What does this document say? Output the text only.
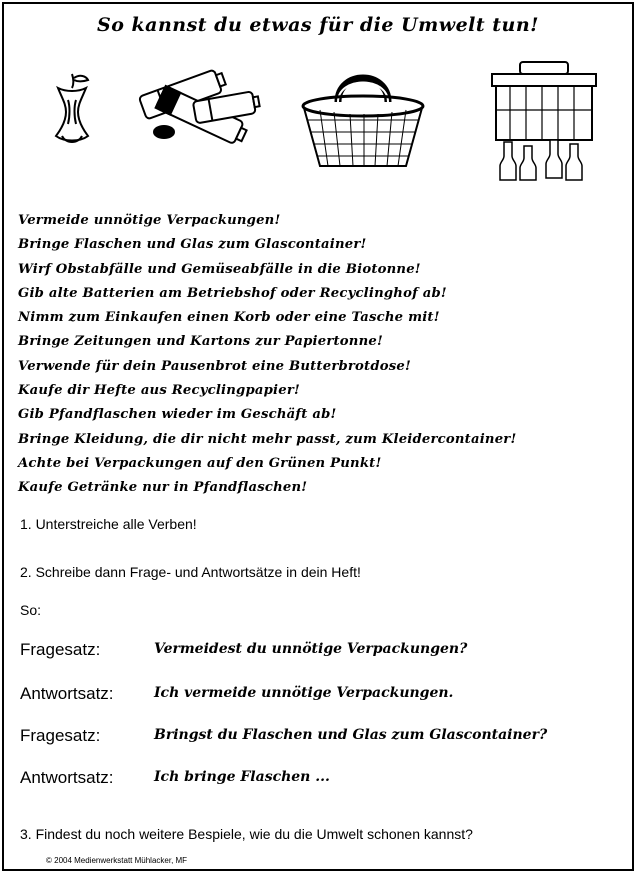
So kannst du etwas für die Umwelt tun!
Vermeide unnötige Verpackungen!
Bringe Flaschen und Glas zum Glascontainer!
Wirf Obstabfälle und Gemüseabfälle in die Biotonne!
Gib alte Batterien am Betriebshof oder Recyclinghof ab!
Nimm zum Einkaufen einen Korb oder eine Tasche mit!
Bringe Zeitungen und Kartons zur Papiertonne!
Verwende für dein Pausenbrot eine Butterbrotdose!
Kaufe dir Hefte aus Recyclingpapier!
Gib Pfandflaschen wieder im Geschäft ab!
Bringe Kleidung, die dir nicht mehr passt, zum Kleidercontainer!
Achte bei Verpackungen auf den Grünen Punkt!
Kaufe Getränke nur in Pfandflaschen!
1. Unterstreiche alle Verben!
2. Schreibe dann Frage- und Antwortsätze in dein Heft!
So:
Fragesatz:	Vermeidest du unnötige Verpackungen?
Antwortsatz:	Ich vermeide unnötige Verpackungen.
Fragesatz:	Bringst du Flaschen und Glas zum Glascontainer?
Antwortsatz:	Ich bringe Flaschen ...
3. Findest du noch weitere Bespiele, wie du die Umwelt schonen kannst?
© 2004 Medienwerkstatt Mühlacker, MF
